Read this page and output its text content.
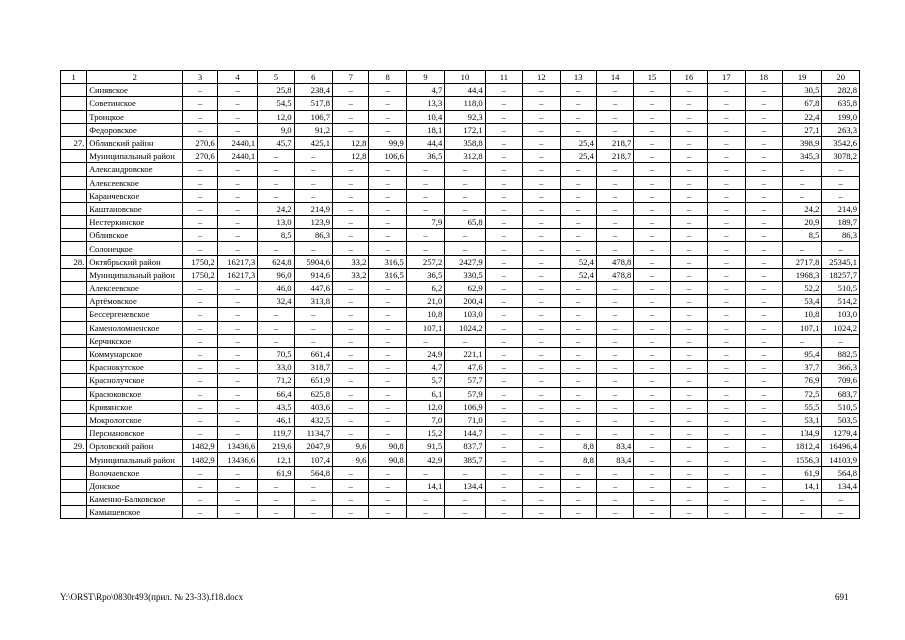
1	2	3	4	5	6	7	8	9	10	11	12	13	14	15	16	17	18	19	20
	Синявское	–	–	25,8	238,4	–	–	4,7	44,4	–	–	–	–	–	–	–	–	30,5	282,8
	Советинское	–	–	54,5	517,8	–	–	13,3	118,0	–	–	–	–	–	–	–	–	67,8	635,8
	Троицкое	–	–	12,0	106,7	–	–	10,4	92,3	–	–	–	–	–	–	–	–	22,4	199,0
	Федоровское	–	–	9,0	91,2	–	–	18,1	172,1	–	–	–	–	–	–	–	–	27,1	263,3
27.	Обливский район	270,6	2440,1	45,7	425,1	12,8	99,9	44,4	358,8	–	–	25,4	218,7	–	–	–	–	398,9	3542,6
	Муниципальный район	270,6	2440,1	–	–	12,8	106,6	36,5	312,8	–	–	25,4	218,7	–	–	–	–	345,3	3078,2
	Александровское	–	–	–	–	–	–	–	–	–	–	–	–	–	–	–	–	–	–
	Алексеевское	–	–	–	–	–	–	–	–	–	–	–	–	–	–	–	–	–	–
	Караичевское	–	–	–	–	–	–	–	–	–	–	–	–	–	–	–	–	–	–
	Каштановское	–	–	24,2	214,9	–	–	–	–	–	–	–	–	–	–	–	–	24,2	214,9
	Нестеркинское	–	–	13,0	123,9	–	–	7,9	65,8	–	–	–	–	–	–	–	–	20,9	189,7
	Обливское	–	–	8,5	86,3	–	–	–	–	–	–	–	–	–	–	–	–	8,5	86,3
	Солонецкое	–	–	–	–	–	–	–	–	–	–	–	–	–	–	–	–	–	–
28.	Октябрьский район	1750,2	16217,3	624,8	5904,6	33,2	316,5	257,2	2427,9	–	–	52,4	478,8	–	–	–	–	2717,8	25345,1
	Муниципальный район	1750,2	16217,3	96,0	914,6	33,2	316,5	36,5	330,5	–	–	52,4	478,8	–	–	–	–	1968,3	18257,7
	Алексеевское	–	–	46,0	447,6	–	–	6,2	62,9	–	–	–	–	–	–	–	–	52,2	510,5
	Артёмовское	–	–	32,4	313,8	–	–	21,0	200,4	–	–	–	–	–	–	–	–	53,4	514,2
	Бессергеневское	–	–	–	–	–	–	10,8	103,0	–	–	–	–	–	–	–	–	10,8	103,0
	Каменоломненское	–	–	–	–	–	–	107,1	1024,2	–	–	–	–	–	–	–	–	107,1	1024,2
	Керчикское	–	–	–	–	–	–	–	–	–	–	–	–	–	–	–	–	–	–
	Коммунарское	–	–	70,5	661,4	–	–	24,9	221,1	–	–	–	–	–	–	–	–	95,4	882,5
	Краснокутское	–	–	33,0	318,7	–	–	4,7	47,6	–	–	–	–	–	–	–	–	37,7	366,3
	Краснолучское	–	–	71,2	651,9	–	–	5,7	57,7	–	–	–	–	–	–	–	–	76,9	709,6
	Красюковское	–	–	66,4	625,8	–	–	6,1	57,9	–	–	–	–	–	–	–	–	72,5	683,7
	Кривянское	–	–	43,5	403,6	–	–	12,0	106,9	–	–	–	–	–	–	–	–	55,5	510,5
	Мокрологское	–	–	46,1	432,5	–	–	7,0	71,0	–	–	–	–	–	–	–	–	53,1	503,5
	Персиановское	–	–	119,7	1134,7	–	–	15,2	144,7	–	–	–	–	–	–	–	–	134,9	1279,4
29.	Орловский район	1482,9	13436,6	219,6	2047,9	9,6	90,8	91,5	837,7	–	–	8,8	83,4	–	–	–	–	1812,4	16496,4
	Муниципальный район	1482,9	13436,6	12,1	107,4	9,6	90,8	42,9	385,7	–	–	8,8	83,4	–	–	–	–	1556,3	14103,9
	Волочаевское	–	–	61,9	564,8	–	–	–	–	–	–	–	–	–	–	–	–	61,9	564,8
	Донское	–	–	–	–	–	–	14,1	134,4	–	–	–	–	–	–	–	–	14,1	134,4
	Каменно-Балковское	–	–	–	–	–	–	–	–	–	–	–	–	–	–	–	–	–	–
	Камышевское	–	–	–	–	–	–	–	–	–	–	–	–	–	–	–	–	–	–
Y:\ORST\Rpo\0830r493(прил. № 23-33).f18.docx	691
